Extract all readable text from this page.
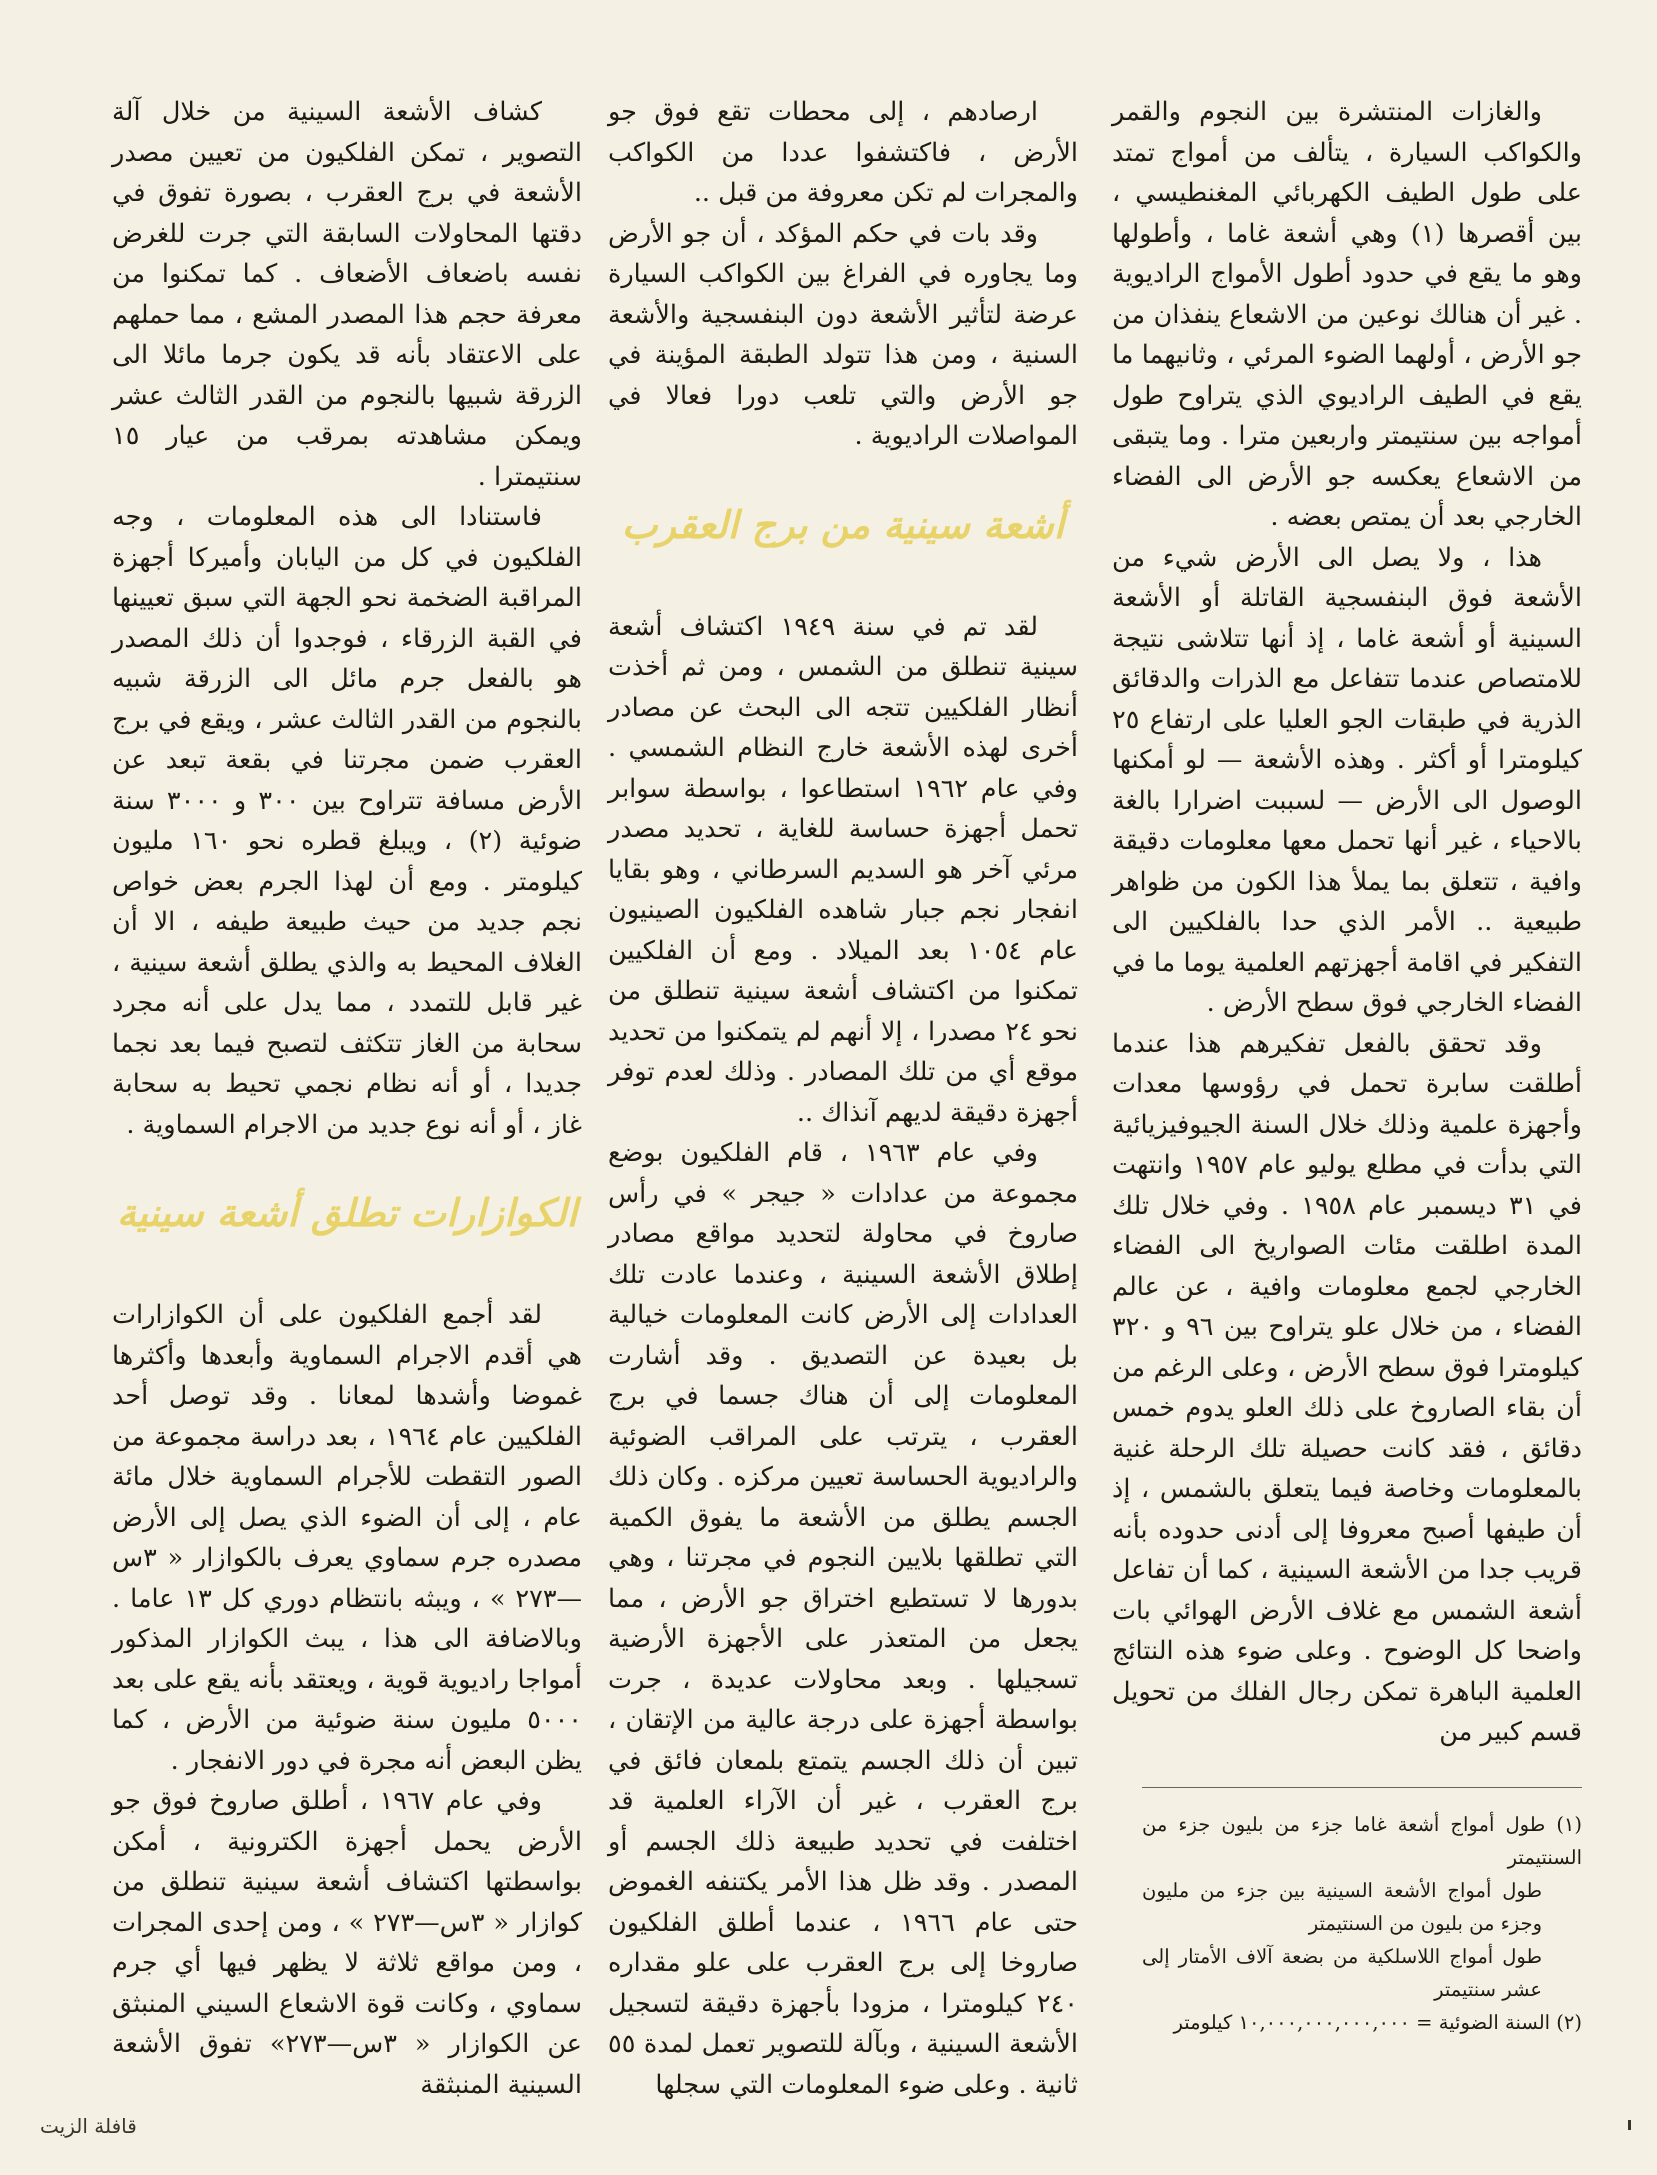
والغازات المنتشرة بين النجوم والقمر والكواكب السيارة ، يتألف من أمواج تمتد على طول الطيف الكهربائي المغنطيسي ، بين أقصرها (١) وهي أشعة غاما ، وأطولها وهو ما يقع في حدود أطول الأمواج الراديوية . غير أن هنالك نوعين من الاشعاع ينفذان من جو الأرض ، أولهما الضوء المرئي ، وثانيهما ما يقع في الطيف الراديوي الذي يتراوح طول أمواجه بين سنتيمتر واربعين مترا . وما يتبقى من الاشعاع يعكسه جو الأرض الى الفضاء الخارجي بعد أن يمتص بعضه .

هذا ، ولا يصل الى الأرض شيء من الأشعة فوق البنفسجية القاتلة أو الأشعة السينية أو أشعة غاما ، إذ أنها تتلاشى نتيجة للامتصاص عندما تتفاعل مع الذرات والدقائق الذرية في طبقات الجو العليا على ارتفاع ٢٥ كيلومترا أو أكثر . وهذه الأشعة — لو أمكنها الوصول الى الأرض — لسببت اضرارا بالغة بالاحياء ، غير أنها تحمل معها معلومات دقيقة وافية ، تتعلق بما يملأ هذا الكون من ظواهر طبيعية .. الأمر الذي حدا بالفلكيين الى التفكير في اقامة أجهزتهم العلمية يوما ما في الفضاء الخارجي فوق سطح الأرض .

وقد تحقق بالفعل تفكيرهم هذا عندما أطلقت سابرة تحمل في رؤوسها معدات وأجهزة علمية وذلك خلال السنة الجيوفيزيائية التي بدأت في مطلع يوليو عام ١٩٥٧ وانتهت في ٣١ ديسمبر عام ١٩٥٨ . وفي خلال تلك المدة اطلقت مئات الصواريخ الى الفضاء الخارجي لجمع معلومات وافية ، عن عالم الفضاء ، من خلال علو يتراوح بين ٩٦ و ٣٢٠ كيلومترا فوق سطح الأرض ، وعلى الرغم من أن بقاء الصاروخ على ذلك العلو يدوم خمس دقائق ، فقد كانت حصيلة تلك الرحلة غنية بالمعلومات وخاصة فيما يتعلق بالشمس ، إذ أن طيفها أصبح معروفا إلى أدنى حدوده بأنه قريب جدا من الأشعة السينية ، كما أن تفاعل أشعة الشمس مع غلاف الأرض الهوائي بات واضحا كل الوضوح . وعلى ضوء هذه النتائج العلمية الباهرة تمكن رجال الفلك من تحويل قسم كبير من

(١) طول أمواج أشعة غاما جزء من بليون جزء من السنتيمتر

طول أمواج الأشعة السينية بين جزء من مليون وجزء من بليون من السنتيمتر

طول أمواج اللاسلكية من بضعة آلاف الأمتار إلى عشر سنتيمتر

(٢) السنة الضوئية = ١٠,٠٠٠,٠٠٠,٠٠٠,٠٠٠ كيلومتر

ارصادهم ، إلى محطات تقع فوق جو الأرض ، فاكتشفوا عددا من الكواكب والمجرات لم تكن معروفة من قبل ..

وقد بات في حكم المؤكد ، أن جو الأرض وما يجاوره في الفراغ بين الكواكب السيارة عرضة لتأثير الأشعة دون البنفسجية والأشعة السنية ، ومن هذا تتولد الطبقة المؤينة في جو الأرض والتي تلعب دورا فعالا في المواصلات الراديوية .

أشعة سينية من برج العقرب

لقد تم في سنة ١٩٤٩ اكتشاف أشعة سينية تنطلق من الشمس ، ومن ثم أخذت أنظار الفلكيين تتجه الى البحث عن مصادر أخرى لهذه الأشعة خارج النظام الشمسي . وفي عام ١٩٦٢ استطاعوا ، بواسطة سوابر تحمل أجهزة حساسة للغاية ، تحديد مصدر مرئي آخر هو السديم السرطاني ، وهو بقايا انفجار نجم جبار شاهده الفلكيون الصينيون عام ١٠٥٤ بعد الميلاد . ومع أن الفلكيين تمكنوا من اكتشاف أشعة سينية تنطلق من نحو ٢٤ مصدرا ، إلا أنهم لم يتمكنوا من تحديد موقع أي من تلك المصادر . وذلك لعدم توفر أجهزة دقيقة لديهم آنذاك ..

وفي عام ١٩٦٣ ، قام الفلكيون بوضع مجموعة من عدادات « جيجر » في رأس صاروخ في محاولة لتحديد مواقع مصادر إطلاق الأشعة السينية ، وعندما عادت تلك العدادات إلى الأرض كانت المعلومات خيالية بل بعيدة عن التصديق . وقد أشارت المعلومات إلى أن هناك جسما في برج العقرب ، يترتب على المراقب الضوئية والراديوية الحساسة تعيين مركزه . وكان ذلك الجسم يطلق من الأشعة ما يفوق الكمية التي تطلقها بلايين النجوم في مجرتنا ، وهي بدورها لا تستطيع اختراق جو الأرض ، مما يجعل من المتعذر على الأجهزة الأرضية تسجيلها . وبعد محاولات عديدة ، جرت بواسطة أجهزة على درجة عالية من الإتقان ، تبين أن ذلك الجسم يتمتع بلمعان فائق في برج العقرب ، غير أن الآراء العلمية قد اختلفت في تحديد طبيعة ذلك الجسم أو المصدر . وقد ظل هذا الأمر يكتنفه الغموض حتى عام ١٩٦٦ ، عندما أطلق الفلكيون صاروخا إلى برج العقرب على علو مقداره ٢٤٠ كيلومترا ، مزودا بأجهزة دقيقة لتسجيل الأشعة السينية ، وبآلة للتصوير تعمل لمدة ٥٥ ثانية . وعلى ضوء المعلومات التي سجلها

كشاف الأشعة السينية من خلال آلة التصوير ، تمكن الفلكيون من تعيين مصدر الأشعة في برج العقرب ، بصورة تفوق في دقتها المحاولات السابقة التي جرت للغرض نفسه باضعاف الأضعاف . كما تمكنوا من معرفة حجم هذا المصدر المشع ، مما حملهم على الاعتقاد بأنه قد يكون جرما مائلا الى الزرقة شبيها بالنجوم من القدر الثالث عشر ويمكن مشاهدته بمرقب من عيار ١٥ سنتيمترا .

فاستنادا الى هذه المعلومات ، وجه الفلكيون في كل من اليابان وأميركا أجهزة المراقبة الضخمة نحو الجهة التي سبق تعيينها في القبة الزرقاء ، فوجدوا أن ذلك المصدر هو بالفعل جرم مائل الى الزرقة شبيه بالنجوم من القدر الثالث عشر ، ويقع في برج العقرب ضمن مجرتنا في بقعة تبعد عن الأرض مسافة تتراوح بين ٣٠٠ و ٣٠٠٠ سنة ضوئية (٢) ، ويبلغ قطره نحو ١٦٠ مليون كيلومتر . ومع أن لهذا الجرم بعض خواص نجم جديد من حيث طبيعة طيفه ، الا أن الغلاف المحيط به والذي يطلق أشعة سينية ، غير قابل للتمدد ، مما يدل على أنه مجرد سحابة من الغاز تتكثف لتصبح فيما بعد نجما جديدا ، أو أنه نظام نجمي تحيط به سحابة غاز ، أو أنه نوع جديد من الاجرام السماوية .

الكوازارات تطلق أشعة سينية

لقد أجمع الفلكيون على أن الكوازارات هي أقدم الاجرام السماوية وأبعدها وأكثرها غموضا وأشدها لمعانا . وقد توصل أحد الفلكيين عام ١٩٦٤ ، بعد دراسة مجموعة من الصور التقطت للأجرام السماوية خلال مائة عام ، إلى أن الضوء الذي يصل إلى الأرض مصدره جرم سماوي يعرف بالكوازار « ٣س—٢٧٣ » ، ويبثه بانتظام دوري كل ١٣ عاما . وبالاضافة الى هذا ، يبث الكوازار المذكور أمواجا راديوية قوية ، ويعتقد بأنه يقع على بعد ٥٠٠٠ مليون سنة ضوئية من الأرض ، كما يظن البعض أنه مجرة في دور الانفجار .

وفي عام ١٩٦٧ ، أطلق صاروخ فوق جو الأرض يحمل أجهزة الكترونية ، أمكن بواسطتها اكتشاف أشعة سينية تنطلق من كوازار « ٣س—٢٧٣ » ، ومن إحدى المجرات ، ومن مواقع ثلاثة لا يظهر فيها أي جرم سماوي ، وكانت قوة الاشعاع السيني المنبثق عن الكوازار « ٣س—٢٧٣» تفوق الأشعة السينية المنبثقة

قافلة الزيت
